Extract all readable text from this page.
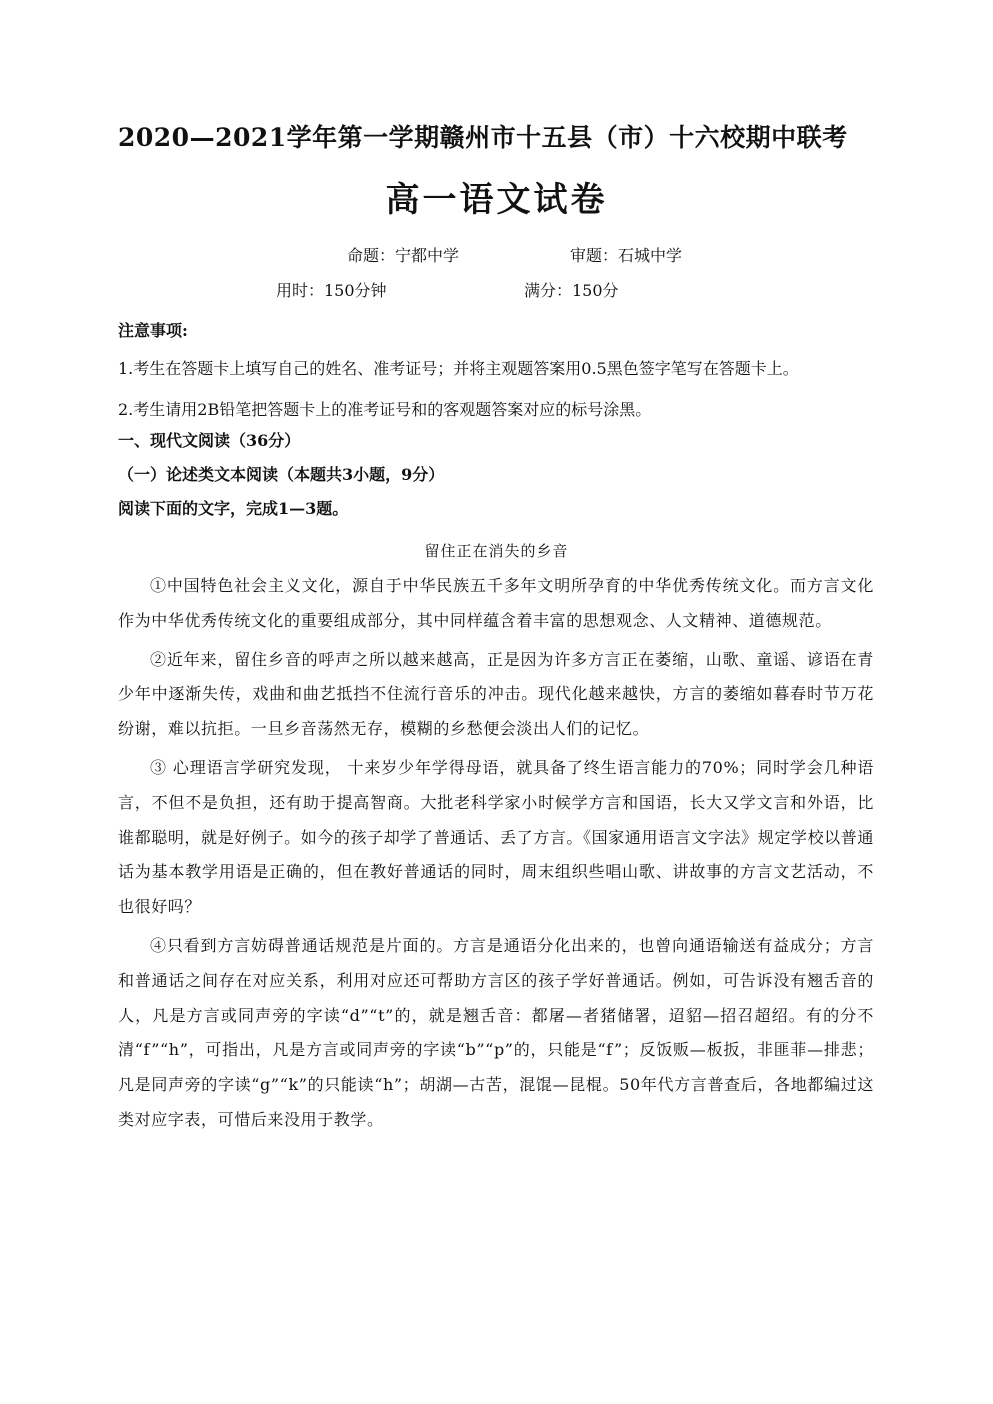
2020—2021学年第一学期赣州市十五县（市）十六校期中联考
高一语文试卷
命题：宁都中学	审题：石城中学
用时：150分钟	满分：150分
注意事项:
1.考生在答题卡上填写自己的姓名、准考证号；并将主观题答案用0.5黑色签字笔写在答题卡上。
2.考生请用2B铅笔把答题卡上的准考证号和的客观题答案对应的标号涂黑。
一、现代文阅读（36分）
（一）论述类文本阅读（本题共3小题，9分）
阅读下面的文字，完成1—3题。
留住正在消失的乡音

①中国特色社会主义文化，源自于中华民族五千多年文明所孕育的中华优秀传统文化。而方言文化作为中华优秀传统文化的重要组成部分，其中同样蕴含着丰富的思想观念、人文精神、道德规范。

②近年来，留住乡音的呼声之所以越来越高，正是因为许多方言正在萎缩，山歌、童谣、谚语在青少年中逐渐失传，戏曲和曲艺抵挡不住流行音乐的冲击。现代化越来越快，方言的萎缩如暮春时节万花纷谢，难以抗拒。一旦乡音荡然无存，模糊的乡愁便会淡出人们的记忆。

③ 心理语言学研究发现， 十来岁少年学得母语，就具备了终生语言能力的70%；同时学会几种语言，不但不是负担，还有助于提高智商。大批老科学家小时候学方言和国语，长大又学文言和外语，比谁都聪明，就是好例子。如今的孩子却学了普通话、丢了方言。《国家通用语言文字法》规定学校以普通话为基本教学用语是正确的，但在教好普通话的同时，周末组织些唱山歌、讲故事的方言文艺活动，不也很好吗？

④只看到方言妨碍普通话规范是片面的。方言是通语分化出来的，也曾向通语输送有益成分；方言和普通话之间存在对应关系，利用对应还可帮助方言区的孩子学好普通话。例如，可告诉没有翘舌音的人，凡是方言或同声旁的字读“d”“t”的，就是翘舌音：都屠—者猪储署，迢貂—招召超绍。有的分不清“f”“h”，可指出，凡是方言或同声旁的字读“b”“p”的，只能是“f”；反饭贩—板扳，非匪菲—排悲；凡是同声旁的字读“g”“k”的只能读“h”；胡湖—古苦，混馄—昆棍。50年代方言普查后，各地都编过这类对应字表，可惜后来没用于教学。
